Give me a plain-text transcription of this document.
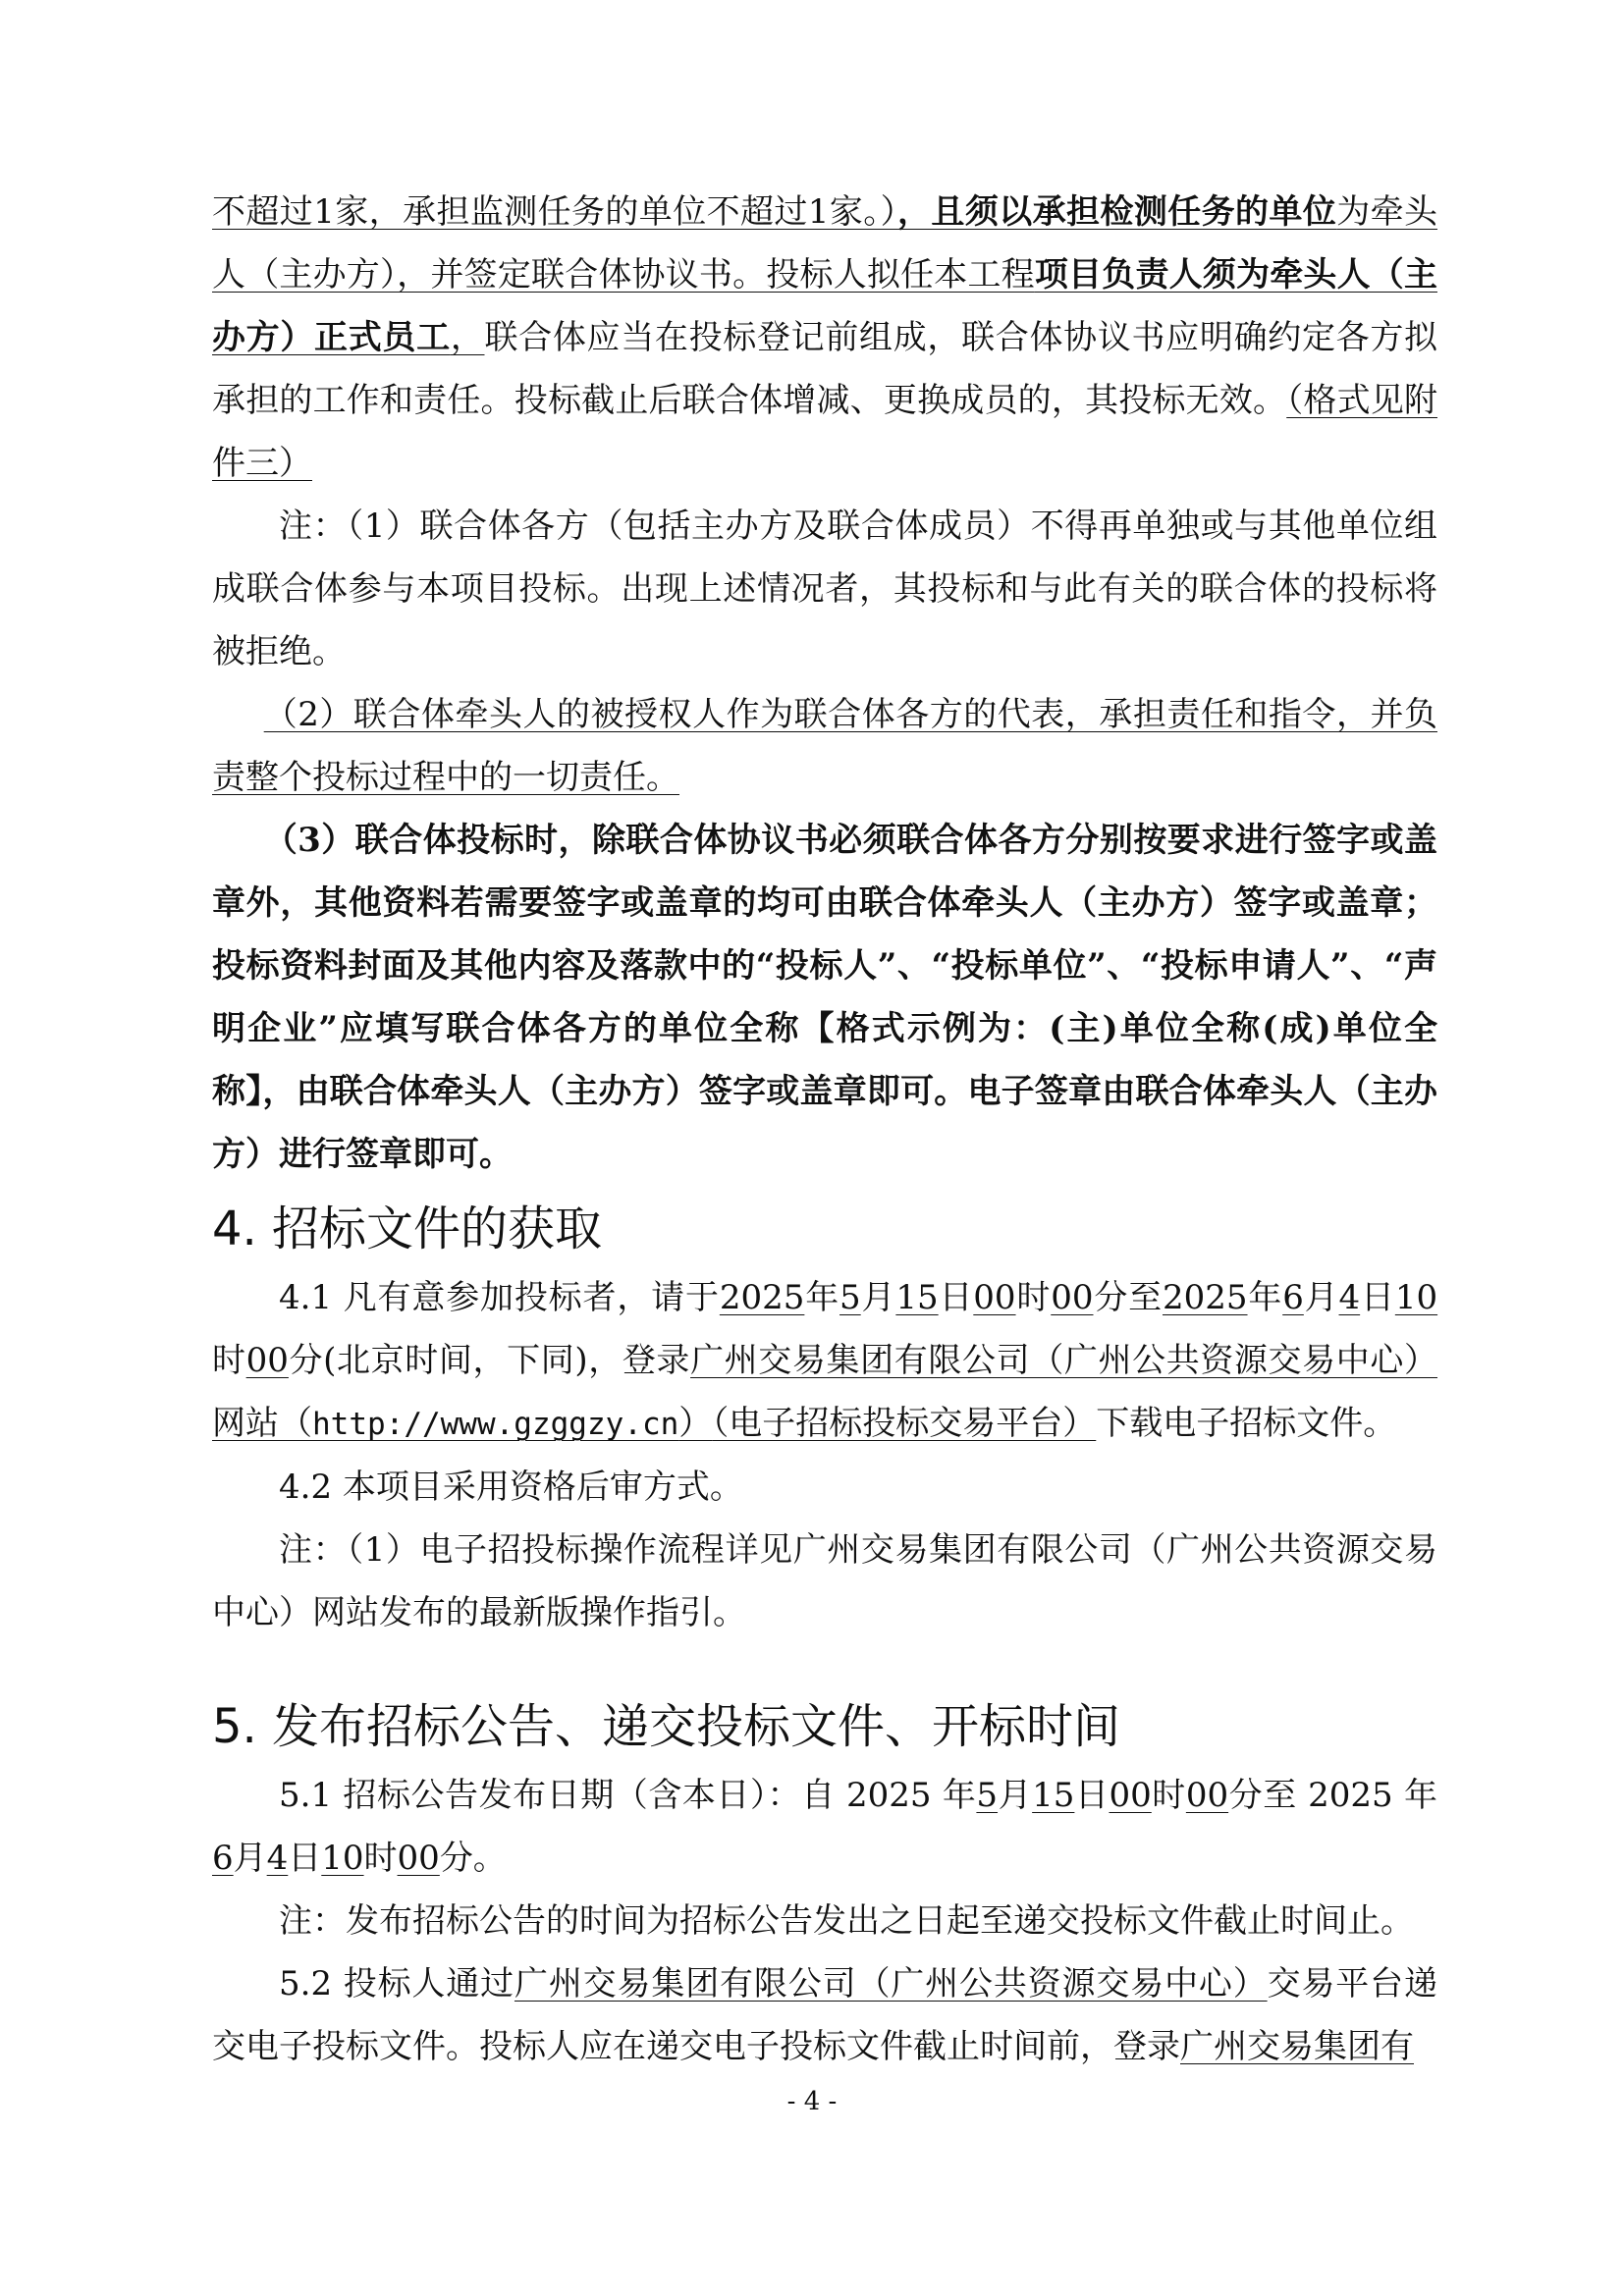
不超过1家，承担监测任务的单位不超过1家。），且须以承担检测任务的单位为牵头人（主办方），并签定联合体协议书。投标人拟任本工程项目负责人须为牵头人（主办方）正式员工，联合体应当在投标登记前组成，联合体协议书应明确约定各方拟承担的工作和责任。投标截止后联合体增减、更换成员的，其投标无效。（格式见附件三）

注：（1）联合体各方（包括主办方及联合体成员）不得再单独或与其他单位组成联合体参与本项目投标。出现上述情况者，其投标和与此有关的联合体的投标将被拒绝。

（2）联合体牵头人的被授权人作为联合体各方的代表，承担责任和指令，并负责整个投标过程中的一切责任。

（3）联合体投标时，除联合体协议书必须联合体各方分别按要求进行签字或盖章外，其他资料若需要签字或盖章的均可由联合体牵头人（主办方）签字或盖章；投标资料封面及其他内容及落款中的“投标人”、“投标单位”、“投标申请人”、“声明企业”应填写联合体各方的单位全称【格式示例为：(主)单位全称(成)单位全称】，由联合体牵头人（主办方）签字或盖章即可。电子签章由联合体牵头人（主办方）进行签章即可。

4. 招标文件的获取

4.1 凡有意参加投标者，请于2025年5月15日00时00分至2025年6月4日10时00分(北京时间，下同)，登录广州交易集团有限公司（广州公共资源交易中心）网站（http://www.gzggzy.cn）（电子招标投标交易平台）下载电子招标文件。

4.2 本项目采用资格后审方式。

注：（1）电子招投标操作流程详见广州交易集团有限公司（广州公共资源交易中心）网站发布的最新版操作指引。

5. 发布招标公告、递交投标文件、开标时间

5.1 招标公告发布日期（含本日）：自 2025 年5月15日00时00分至 2025 年6月4日10时00分。

注：发布招标公告的时间为招标公告发出之日起至递交投标文件截止时间止。

5.2 投标人通过广州交易集团有限公司（广州公共资源交易中心）交易平台递交电子投标文件。投标人应在递交电子投标文件截止时间前，登录广州交易集团有

- 4 -
